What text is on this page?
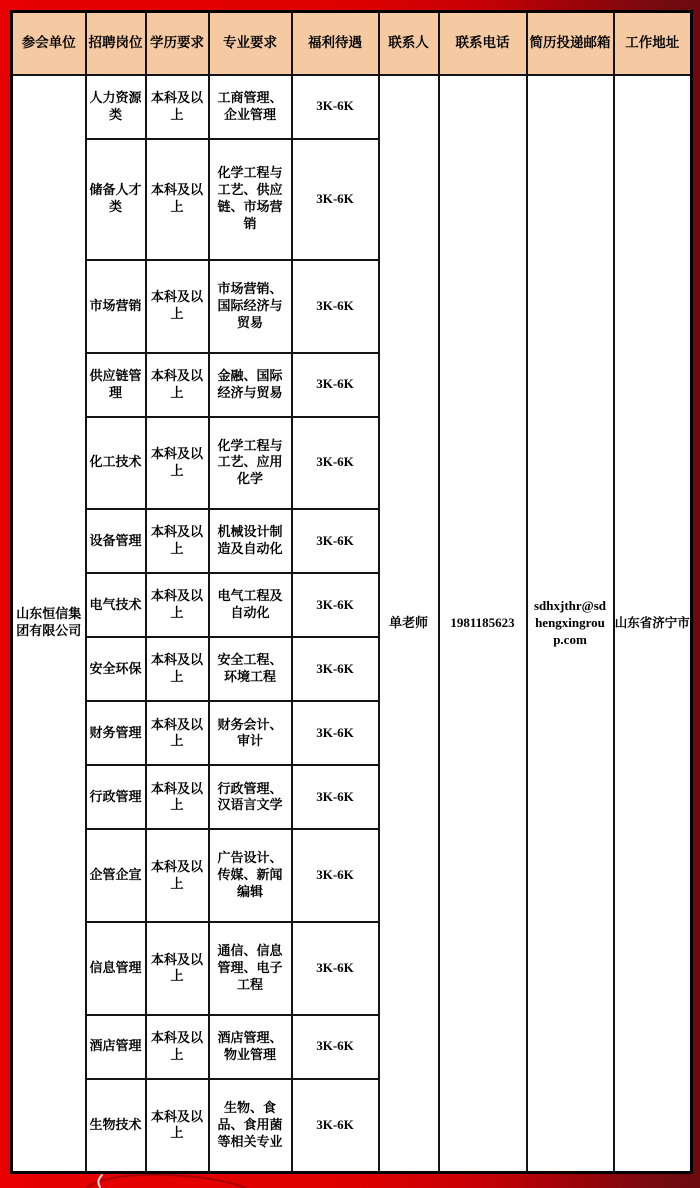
参会单位	招聘岗位	学历要求	专业要求	福利待遇	联系人	联系电话	简历投递邮箱	工作地址
山东恒信集团有限公司	人力资源类	本科及以上	工商管理、企业管理	3K-6K	单老师	1981185623	sdhxjthr@sdhengxingroup.com	山东省济宁市
	储备人才类	本科及以上	化学工程与工艺、供应链、市场营销	3K-6K				
	市场营销	本科及以上	市场营销、国际经济与贸易	3K-6K				
	供应链管理	本科及以上	金融、国际经济与贸易	3K-6K				
	化工技术	本科及以上	化学工程与工艺、应用化学	3K-6K				
	设备管理	本科及以上	机械设计制造及自动化	3K-6K				
	电气技术	本科及以上	电气工程及自动化	3K-6K				
	安全环保	本科及以上	安全工程、环境工程	3K-6K				
	财务管理	本科及以上	财务会计、审计	3K-6K				
	行政管理	本科及以上	行政管理、汉语言文学	3K-6K				
	企管企宣	本科及以上	广告设计、传媒、新闻编辑	3K-6K				
	信息管理	本科及以上	通信、信息管理、电子工程	3K-6K				
	酒店管理	本科及以上	酒店管理、物业管理	3K-6K				
	生物技术	本科及以上	生物、食品、食用菌等相关专业	3K-6K				
